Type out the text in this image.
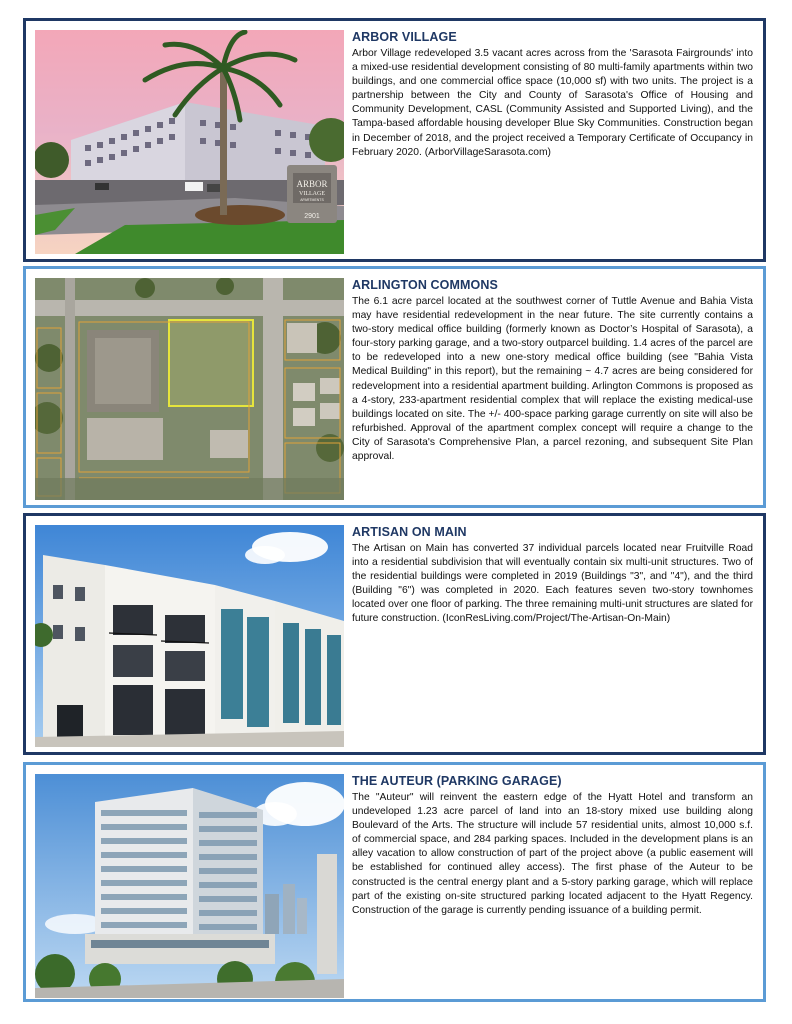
ARBOR
VILLAGE
APARTMENTS
2901

ARBOR VILLAGE

Arbor Village redeveloped 3.5 vacant acres across from the 'Sarasota Fairgrounds' into a mixed-use residential development consisting of 80 multi-family apartments within two buildings, and one commercial office space (10,000 sf) with two units. The project is a partnership between the City and County of Sarasota's Office of Housing and Community Development, CASL (Community Assisted and Supported Living), and the Tampa-based affordable housing developer Blue Sky Communities. Construction began in December of 2018, and the project received a Temporary Certificate of Occupancy in February 2020. (ArborVillageSarasota.com)

ARLINGTON COMMONS

The 6.1 acre parcel located at the southwest corner of Tuttle Avenue and Bahia Vista may have residential redevelopment in the near future. The site currently contains a two-story medical office building (formerly known as Doctor’s Hospital of Sarasota), a four-story parking garage, and a two-story outparcel building. 1.4 acres of the parcel are to be redeveloped into a new one-story medical office building (see "Bahia Vista Medical Building" in this report), but the remaining ~ 4.7 acres are being considered for redevelopment into a residential apartment building. Arlington Commons is proposed as a 4-story, 233-apartment residential complex that will replace the existing medical-use buildings located on site. The +/- 400-space parking garage currently on site will also be refurbished. Approval of the apartment complex concept will require a change to the City of Sarasota's Comprehensive Plan, a parcel rezoning, and subsequent Site Plan approval.

ARTISAN ON MAIN

The Artisan on Main has converted 37 individual parcels located near Fruitville Road into a residential subdivision that will eventually contain six multi-unit structures. Two of the residential buildings were completed in 2019 (Buildings "3", and "4"), and the third (Building "6") was completed in 2020. Each features seven two-story townhomes located over one floor of parking. The three remaining multi-unit structures are slated for future construction. (IconResLiving.com/Project/The-Artisan-On-Main)

THE AUTEUR (PARKING GARAGE)

The "Auteur" will reinvent the eastern edge of the Hyatt Hotel and transform an undeveloped 1.23 acre parcel of land into an 18-story mixed use building along Boulevard of the Arts. The structure will include 57 residential units, almost 10,000 s.f. of commercial space, and 284 parking spaces. Included in the development plans is an alley vacation to allow construction of part of the project above (a public easement will be established for continued alley access). The first phase of the Auteur to be constructed is the central energy plant and a 5-story parking garage, which will replace part of the existing on-site structured parking located adjacent to the Hyatt Regency. Construction of the garage is currently pending issuance of a building permit.
